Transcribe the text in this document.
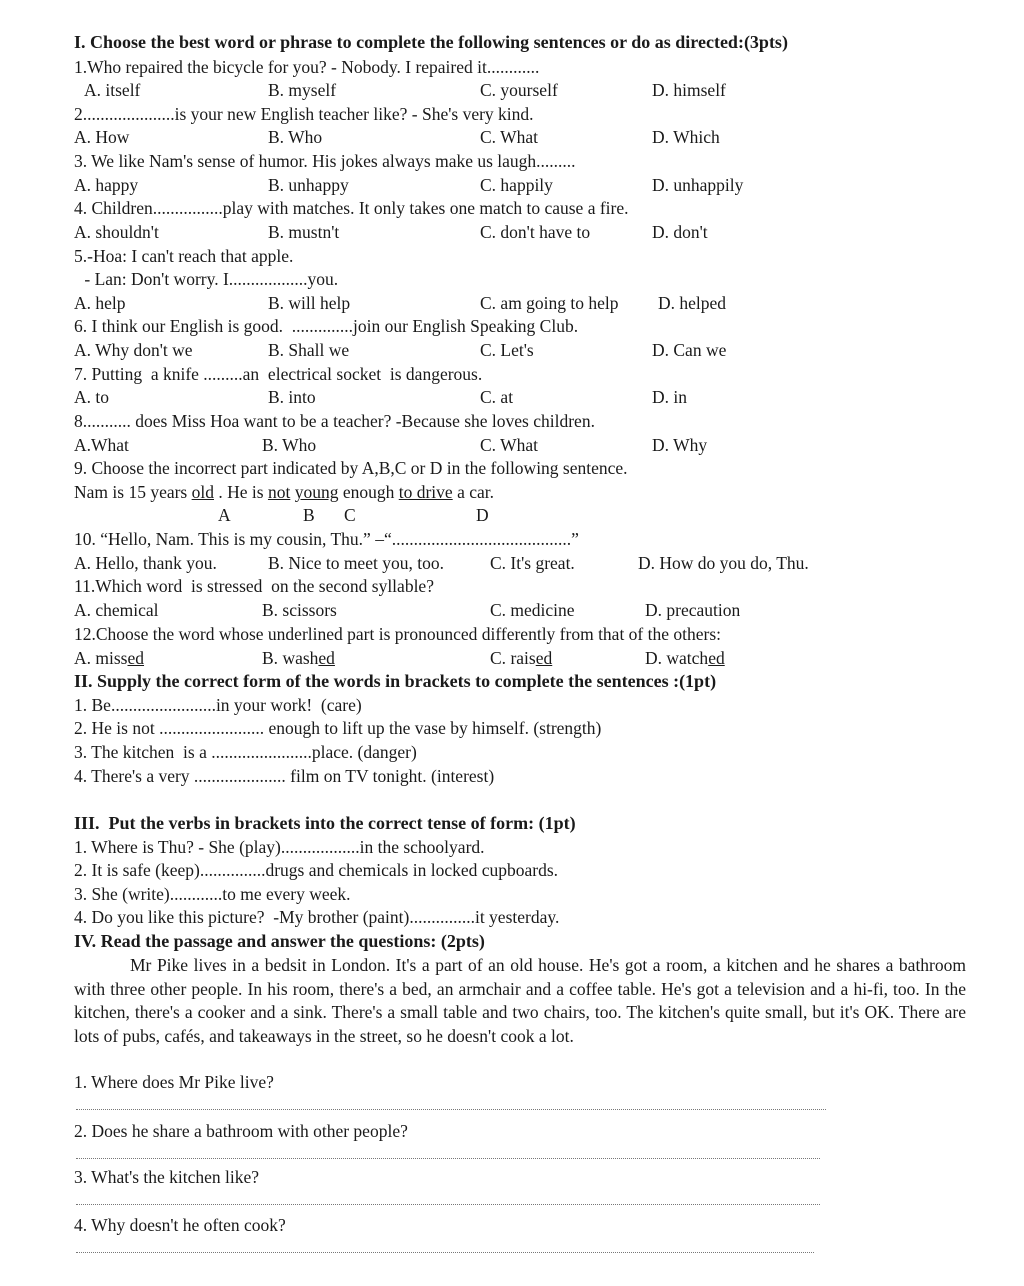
I. Choose the best word or phrase to complete the following sentences or do as directed:(3pts)
1.Who repaired the bicycle for you? - Nobody. I repaired it............
A. itself	B. myself	C. yourself	D. himself
2.....................is your new English teacher like? - She's very kind.
A. How	B. Who	C. What	D. Which
3. We like Nam's sense of humor. His jokes always make us laugh.........
A. happy	B. unhappy	C. happily	D. unhappily
4. Children................play with matches. It only takes one match to cause a fire.
A. shouldn't	B. mustn't	C. don't have to	D. don't
5.-Hoa: I can't reach that apple.
- Lan: Don't worry. I..................you.
A. help	B. will help	C. am going to help D. helped
6. I think our English is good.  ..............join our English Speaking Club.
A. Why don't we	B. Shall we	C. Let's	D. Can we
7. Putting  a knife .........an  electrical socket  is dangerous.
A. to	B. into	C. at	D. in
8........... does Miss Hoa want to be a teacher? -Because she loves children.
A.What	B. Who	C. What	D. Why
9. Choose the incorrect part indicated by A,B,C or D in the following sentence.
Nam is 15 years old . He is not young enough to drive a car.
A	B C	D
10. “Hello, Nam. This is my cousin, Thu.” –“.........................................”
A. Hello, thank you.	B. Nice to meet you, too.	C. It's great.	D. How do you do, Thu.
11.Which word  is stressed  on the second syllable?
A. chemical	B. scissors	C. medicine	D. precaution
12.Choose the word whose underlined part is pronounced differently from that of the others:
A. missed	B. washed	C. raised	D. watched
II. Supply the correct form of the words in brackets to complete the sentences :(1pt)
1. Be........................in your work!  (care)
2. He is not ........................ enough to lift up the vase by himself. (strength)
3. The kitchen  is a .......................place. (danger)
4. There's a very ..................... film on TV tonight. (interest)
III.  Put the verbs in brackets into the correct tense of form: (1pt)
1. Where is Thu? - She (play)..................in the schoolyard.
2. It is safe (keep)...............drugs and chemicals in locked cupboards.
3. She (write)............to me every week.
4. Do you like this picture?  -My brother (paint)...............it yesterday.
IV. Read the passage and answer the questions: (2pts)
Mr Pike lives in a bedsit in London. It's a part of an old house. He's got a room, a kitchen and he shares a bathroom with three other people. In his room, there's a bed, an armchair and a coffee table. He's got a television and a hi-fi, too. In the kitchen, there's a cooker and a sink. There's a small table and two chairs, too. The kitchen's quite small, but it's OK. There are lots of pubs, cafés, and takeaways in the street, so he doesn't cook a lot.
1. Where does Mr Pike live?
2. Does he share a bathroom with other people?
3. What's the kitchen like?
4. Why doesn't he often cook?
